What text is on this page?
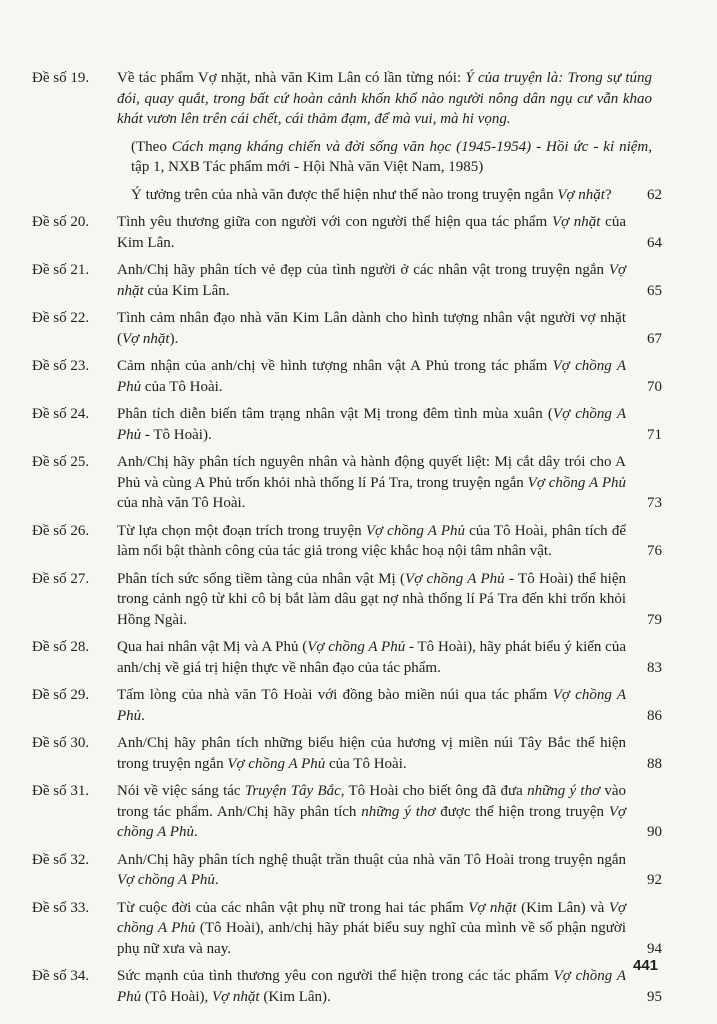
Đề số 19.	Về tác phẩm Vợ nhặt, nhà văn Kim Lân có lần từng nói: Ý của truyện là: Trong sự túng đói, quay quắt, trong bất cứ hoàn cảnh khốn khổ nào người nông dân ngụ cư vẫn khao khát vươn lên trên cái chết, cái thảm đạm, để mà vui, mà hi vọng.
(Theo Cách mạng kháng chiến và đời sống văn học (1945-1954) - Hồi ức - kỉ niệm, tập 1, NXB Tác phẩm mới - Hội Nhà văn Việt Nam, 1985)
Ý tưởng trên của nhà văn được thể hiện như thế nào trong truyện ngắn Vợ nhặt?	62
Đề số 20.	Tình yêu thương giữa con người với con người thể hiện qua tác phẩm Vợ nhặt của Kim Lân.	64
Đề số 21.	Anh/Chị hãy phân tích vẻ đẹp của tình người ở các nhân vật trong truyện ngắn Vợ nhặt của Kim Lân.	65
Đề số 22.	Tình cảm nhân đạo nhà văn Kim Lân dành cho hình tượng nhân vật người vợ nhặt (Vợ nhặt).	67
Đề số 23.	Cảm nhận của anh/chị về hình tượng nhân vật A Phủ trong tác phẩm Vợ chồng A Phủ của Tô Hoài.	70
Đề số 24.	Phân tích diễn biến tâm trạng nhân vật Mị trong đêm tình mùa xuân (Vợ chồng A Phủ - Tô Hoài).	71
Đề số 25.	Anh/Chị hãy phân tích nguyên nhân và hành động quyết liệt: Mị cắt dây trói cho A Phủ và cùng A Phủ trốn khỏi nhà thống lí Pá Tra, trong truyện ngắn Vợ chồng A Phủ của nhà văn Tô Hoài.	73
Đề số 26.	Từ lựa chọn một đoạn trích trong truyện Vợ chồng A Phủ của Tô Hoài, phân tích để làm nổi bật thành công của tác giả trong việc khắc hoạ nội tâm nhân vật.	76
Đề số 27.	Phân tích sức sống tiềm tàng của nhân vật Mị (Vợ chồng A Phủ - Tô Hoài) thể hiện trong cảnh ngộ từ khi cô bị bắt làm dâu gạt nợ nhà thống lí Pá Tra đến khi trốn khỏi Hồng Ngài.	79
Đề số 28.	Qua hai nhân vật Mị và A Phủ (Vợ chồng A Phủ - Tô Hoài), hãy phát biểu ý kiến của anh/chị về giá trị hiện thực về nhân đạo của tác phẩm.	83
Đề số 29.	Tấm lòng của nhà văn Tô Hoài với đồng bào miền núi qua tác phẩm Vợ chồng A Phủ.	86
Đề số 30.	Anh/Chị hãy phân tích những biểu hiện của hương vị miền núi Tây Bắc thể hiện trong truyện ngắn Vợ chồng A Phủ của Tô Hoài.	88
Đề số 31.	Nói về việc sáng tác Truyện Tây Bắc, Tô Hoài cho biết ông đã đưa những ý thơ vào trong tác phẩm. Anh/Chị hãy phân tích những ý thơ được thể hiện trong truyện Vợ chồng A Phủ.	90
Đề số 32.	Anh/Chị hãy phân tích nghệ thuật trần thuật của nhà văn Tô Hoài trong truyện ngắn Vợ chồng A Phủ.	92
Đề số 33.	Từ cuộc đời của các nhân vật phụ nữ trong hai tác phẩm Vợ nhặt (Kim Lân) và Vợ chồng A Phủ (Tô Hoài), anh/chị hãy phát biểu suy nghĩ của mình về số phận người phụ nữ xưa và nay.	94
Đề số 34.	Sức mạnh của tình thương yêu con người thể hiện trong các tác phẩm Vợ chồng A Phủ (Tô Hoài), Vợ nhặt (Kim Lân).	95
441
